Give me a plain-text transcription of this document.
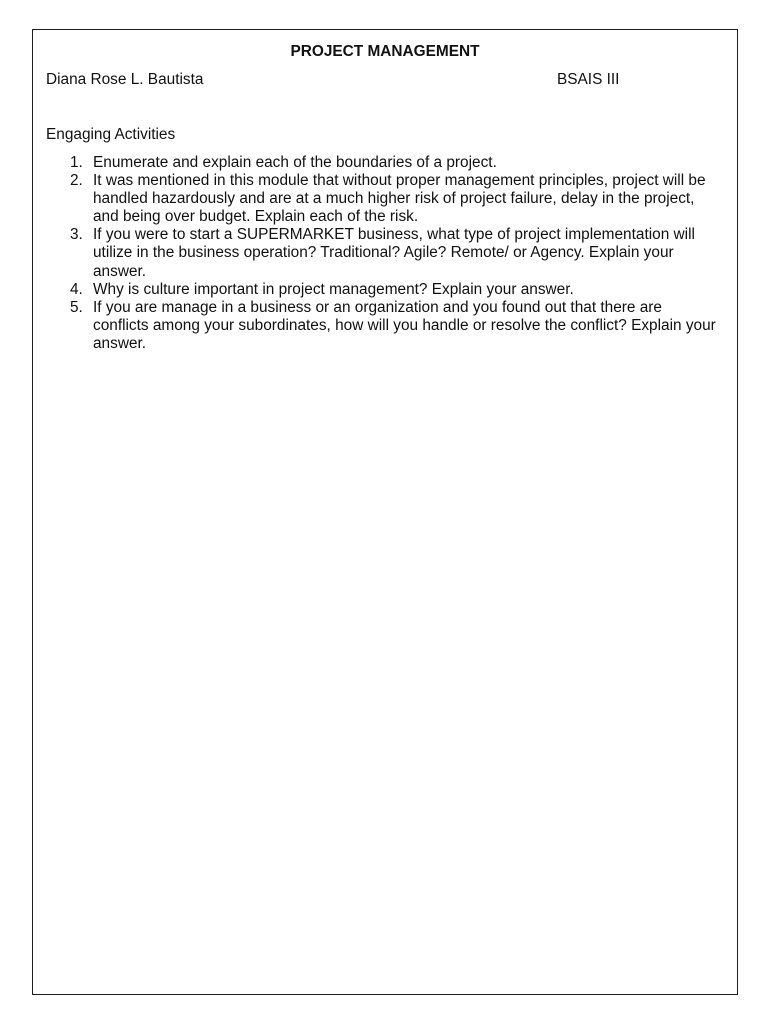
PROJECT MANAGEMENT
Diana Rose L. Bautista	BSAIS III
Engaging Activities
1. Enumerate and explain each of the boundaries of a project.
2. It was mentioned in this module that without proper management principles, project will be
handled hazardously and are at a much higher risk of project failure, delay in the project,
and being over budget. Explain each of the risk.
3. If you were to start a SUPERMARKET business, what type of project implementation will
utilize in the business operation? Traditional? Agile? Remote/ or Agency. Explain your
answer.
4. Why is culture important in project management? Explain your answer.
5. If you are manage in a business or an organization and you found out that there are
conflicts among your subordinates, how will you handle or resolve the conflict? Explain your
answer.
